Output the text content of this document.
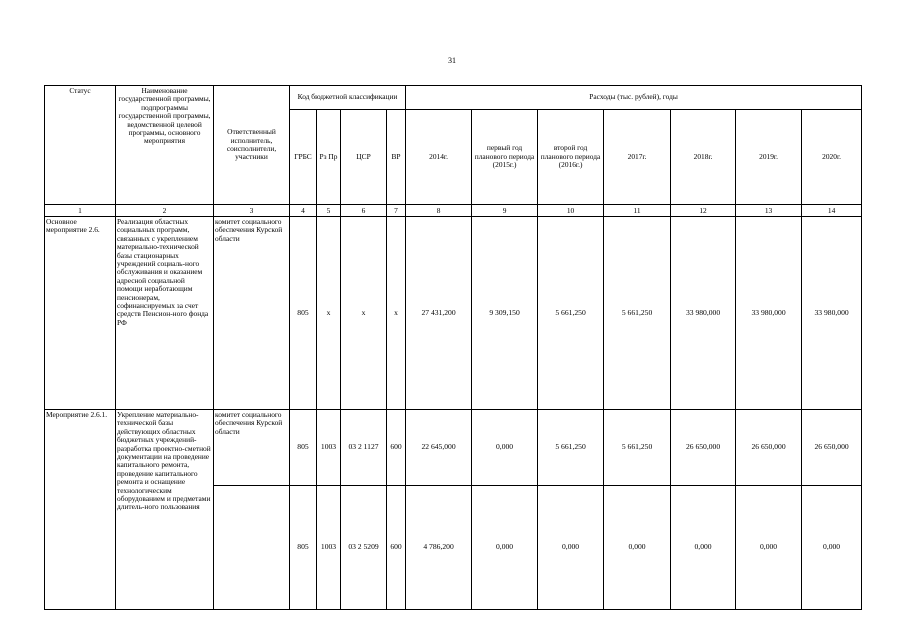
31
Статус	Наименование государственной программы, подпрограммы государственной программы, ведомственной целевой программы, основного мероприятия	Ответственный исполнитель, соисполнители, участники	Код бюджетной классификации				Расходы (тыс. рублей), годы						
			ГРБС	Рз Пр	ЦСР	ВР	2014г.	первый год планового периода (2015г.)	второй год планового периода (2016г.)	2017г.	2018г.	2019г.	2020г.
1	2	3	4	5	6	7	8	9	10	11	12	13	14
Основное мероприятие 2.6.	Реализация областных социальных программ, связанных с укреплением материально-технической базы стационарных учреждений социаль-ного обслуживания и оказанием адресной социальной помощи неработающим пенсионерам, софинансируемых за счет средств Пенсион-ного фонда РФ	комитет социального обеспечения Курской области	805	х	х	х	27 431,200	9 309,150	5 661,250	5 661,250	33 980,000	33 980,000	33 980,000
Мероприятие 2.6.1.	Укрепление материально-технической базы действующих областных бюджетных учреждений-разработка проектно-сметной документации на проведение капитального ремонта, проведение капитального ремонта и оснащение технологическим оборудованием и предметами длитель-ного пользования	комитет социального обеспечения Курской области	805	1003	03 2 1127	600	22 645,000	0,000	5 661,250	5 661,250	26 650,000	26 650,000	26 650,000
			805	1003	03 2 5209	600	4 786,200	0,000	0,000	0,000	0,000	0,000	0,000
